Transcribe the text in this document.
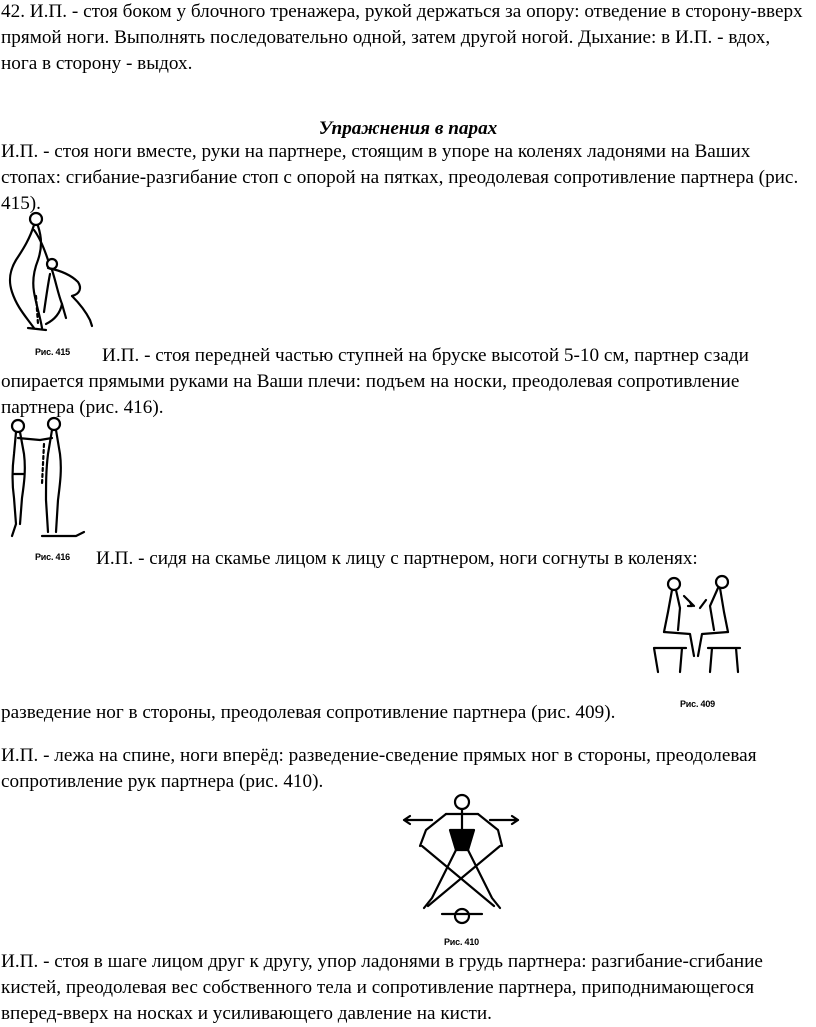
42. И.П. - стоя боком у блочного тренажера, рукой держаться за опору: отведение в сторону-вверх прямой ноги. Выполнять последовательно одной, затем другой ногой. Дыхание: в И.П. - вдох, нога в сторону - выдох.

Упражнения в парах

И.П. - стоя ноги вместе, руки на партнере, стоящим в упоре на коленях ладонями на Ваших стопах: сгибание-разгибание стоп с опорой на пятках, преодолевая сопротивление партнера (рис. 415).

Рис. 415 И.П. - стоя передней частью ступней на бруске высотой 5-10 см, партнер сзади

опирается прямыми руками на Ваши плечи: подъем на носки, преодолевая сопротивление партнера (рис. 416).

Рис. 416 И.П. - сидя на скамье лицом к лицу с партнером, ноги согнуты в коленях:

Рис. 409

разведение ног в стороны, преодолевая сопротивление партнера (рис. 409).

И.П. - лежа на спине, ноги вперёд: разведение-сведение прямых ног в стороны, преодолевая сопротивление рук партнера (рис. 410).

Рис. 410

И.П. - стоя в шаге лицом друг к другу, упор ладонями в грудь партнера: разгибание-сгибание кистей, преодолевая вес собственного тела и сопротивление партнера, приподнимающегося вперед-вверх на носках и усиливающего давление на кисти.
